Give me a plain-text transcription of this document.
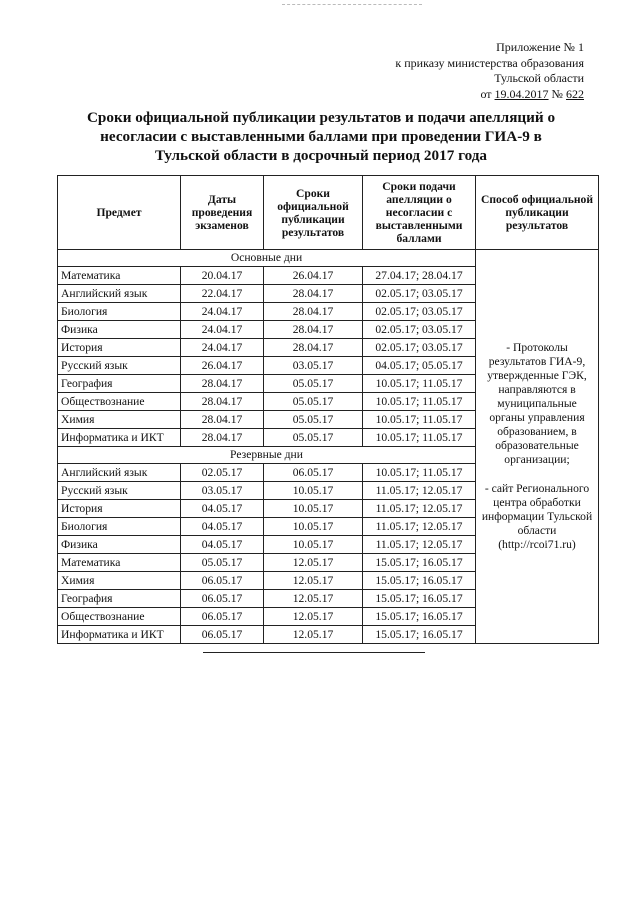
Приложение № 1
к приказу министерства образования
Тульской области
от 19.04.2017 № 622
Сроки официальной публикации результатов и подачи апелляций о несогласии с выставленными баллами при проведении ГИА-9 в Тульской области в досрочный период 2017 года
Предмет	Даты проведения экзаменов	Сроки официальной публикации результатов	Сроки подачи апелляции о несогласии с выставленными баллами	Способ официальной публикации результатов
Основные дни				- Протоколы результатов ГИА-9, утвержденные ГЭК, направляются в муниципальные органы управления образованием, в образовательные организации;
- сайт Регионального центра обработки информации Тульской области (http://rcoi71.ru)

Математика	20.04.17	26.04.17	27.04.17; 28.04.17	
Английский язык	22.04.17	28.04.17	02.05.17; 03.05.17	
Биология	24.04.17	28.04.17	02.05.17; 03.05.17	
Физика	24.04.17	28.04.17	02.05.17; 03.05.17	
История	24.04.17	28.04.17	02.05.17; 03.05.17	
Русский язык	26.04.17	03.05.17	04.05.17; 05.05.17	
География	28.04.17	05.05.17	10.05.17; 11.05.17	
Обществознание	28.04.17	05.05.17	10.05.17; 11.05.17	
Химия	28.04.17	05.05.17	10.05.17; 11.05.17	
Информатика и ИКТ	28.04.17	05.05.17	10.05.17; 11.05.17	
Резервные дни				
Английский язык	02.05.17	06.05.17	10.05.17; 11.05.17	
Русский язык	03.05.17	10.05.17	11.05.17; 12.05.17	
История	04.05.17	10.05.17	11.05.17; 12.05.17	
Биология	04.05.17	10.05.17	11.05.17; 12.05.17	
Физика	04.05.17	10.05.17	11.05.17; 12.05.17	
Математика	05.05.17	12.05.17	15.05.17; 16.05.17	
Химия	06.05.17	12.05.17	15.05.17; 16.05.17	
География	06.05.17	12.05.17	15.05.17; 16.05.17	
Обществознание	06.05.17	12.05.17	15.05.17; 16.05.17	
Информатика и ИКТ	06.05.17	12.05.17	15.05.17; 16.05.17	
